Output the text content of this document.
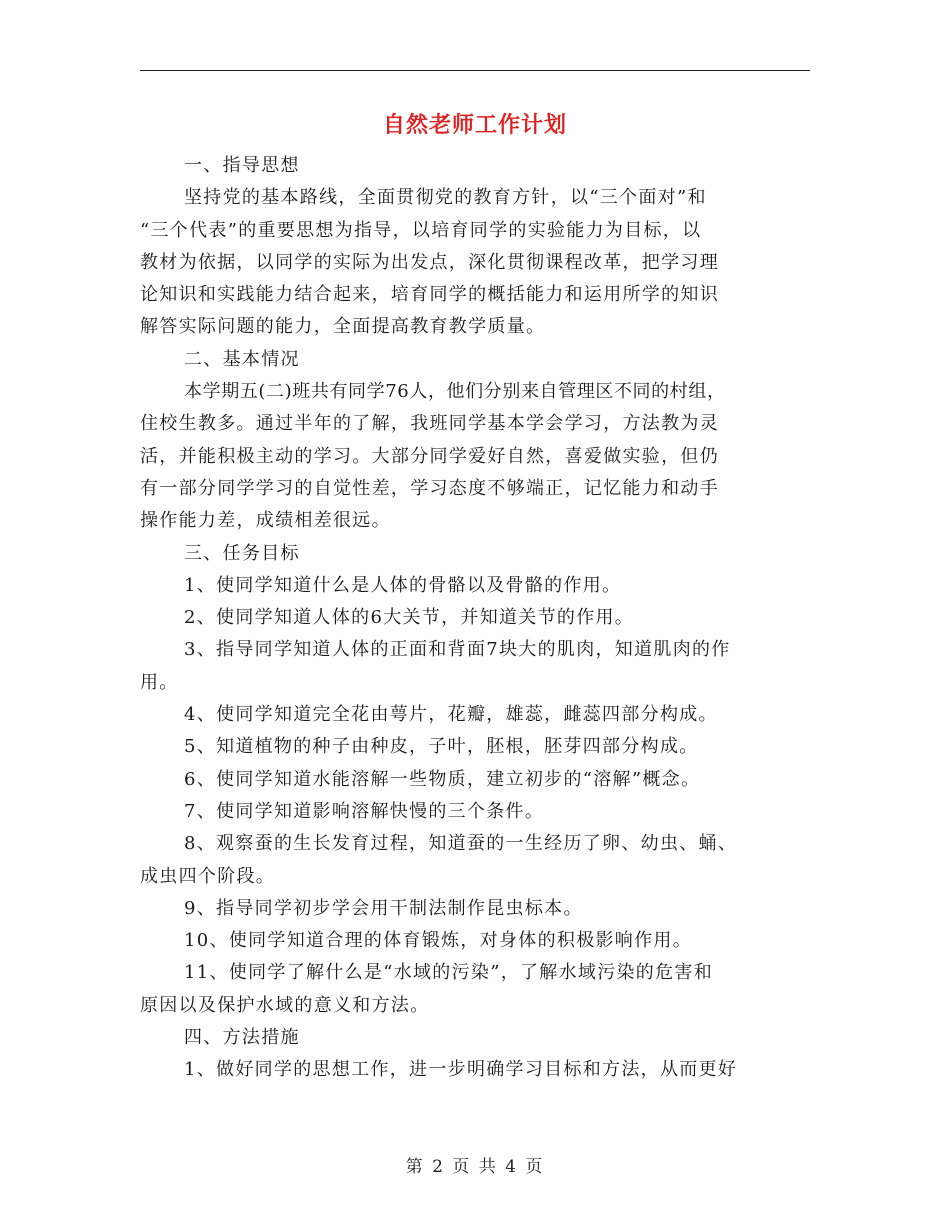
自然老师工作计划
一、指导思想
坚持党的基本路线，全面贯彻党的教育方针，以“三个面对”和
“三个代表”的重要思想为指导，以培育同学的实验能力为目标，以
教材为依据，以同学的实际为出发点，深化贯彻课程改革，把学习理
论知识和实践能力结合起来，培育同学的概括能力和运用所学的知识
解答实际问题的能力，全面提高教育教学质量。
二、基本情况
本学期五(二)班共有同学76人，他们分别来自管理区不同的村组，
住校生教多。通过半年的了解，我班同学基本学会学习，方法教为灵
活，并能积极主动的学习。大部分同学爱好自然，喜爱做实验，但仍
有一部分同学学习的自觉性差，学习态度不够端正，记忆能力和动手
操作能力差，成绩相差很远。
三、任务目标
1、使同学知道什么是人体的骨骼以及骨骼的作用。
2、使同学知道人体的6大关节，并知道关节的作用。
3、指导同学知道人体的正面和背面7块大的肌肉，知道肌肉的作
用。
4、使同学知道完全花由萼片，花瓣，雄蕊，雌蕊四部分构成。
5、知道植物的种子由种皮，子叶，胚根，胚芽四部分构成。
6、使同学知道水能溶解一些物质，建立初步的“溶解”概念。
7、使同学知道影响溶解快慢的三个条件。
8、观察蚕的生长发育过程，知道蚕的一生经历了卵、幼虫、蛹、
成虫四个阶段。
9、指导同学初步学会用干制法制作昆虫标本。
10、使同学知道合理的体育锻炼，对身体的积极影响作用。
11、使同学了解什么是“水域的污染”，了解水域污染的危害和
原因以及保护水域的意义和方法。
四、方法措施
1、做好同学的思想工作，进一步明确学习目标和方法，从而更好
第 2 页 共 4 页
